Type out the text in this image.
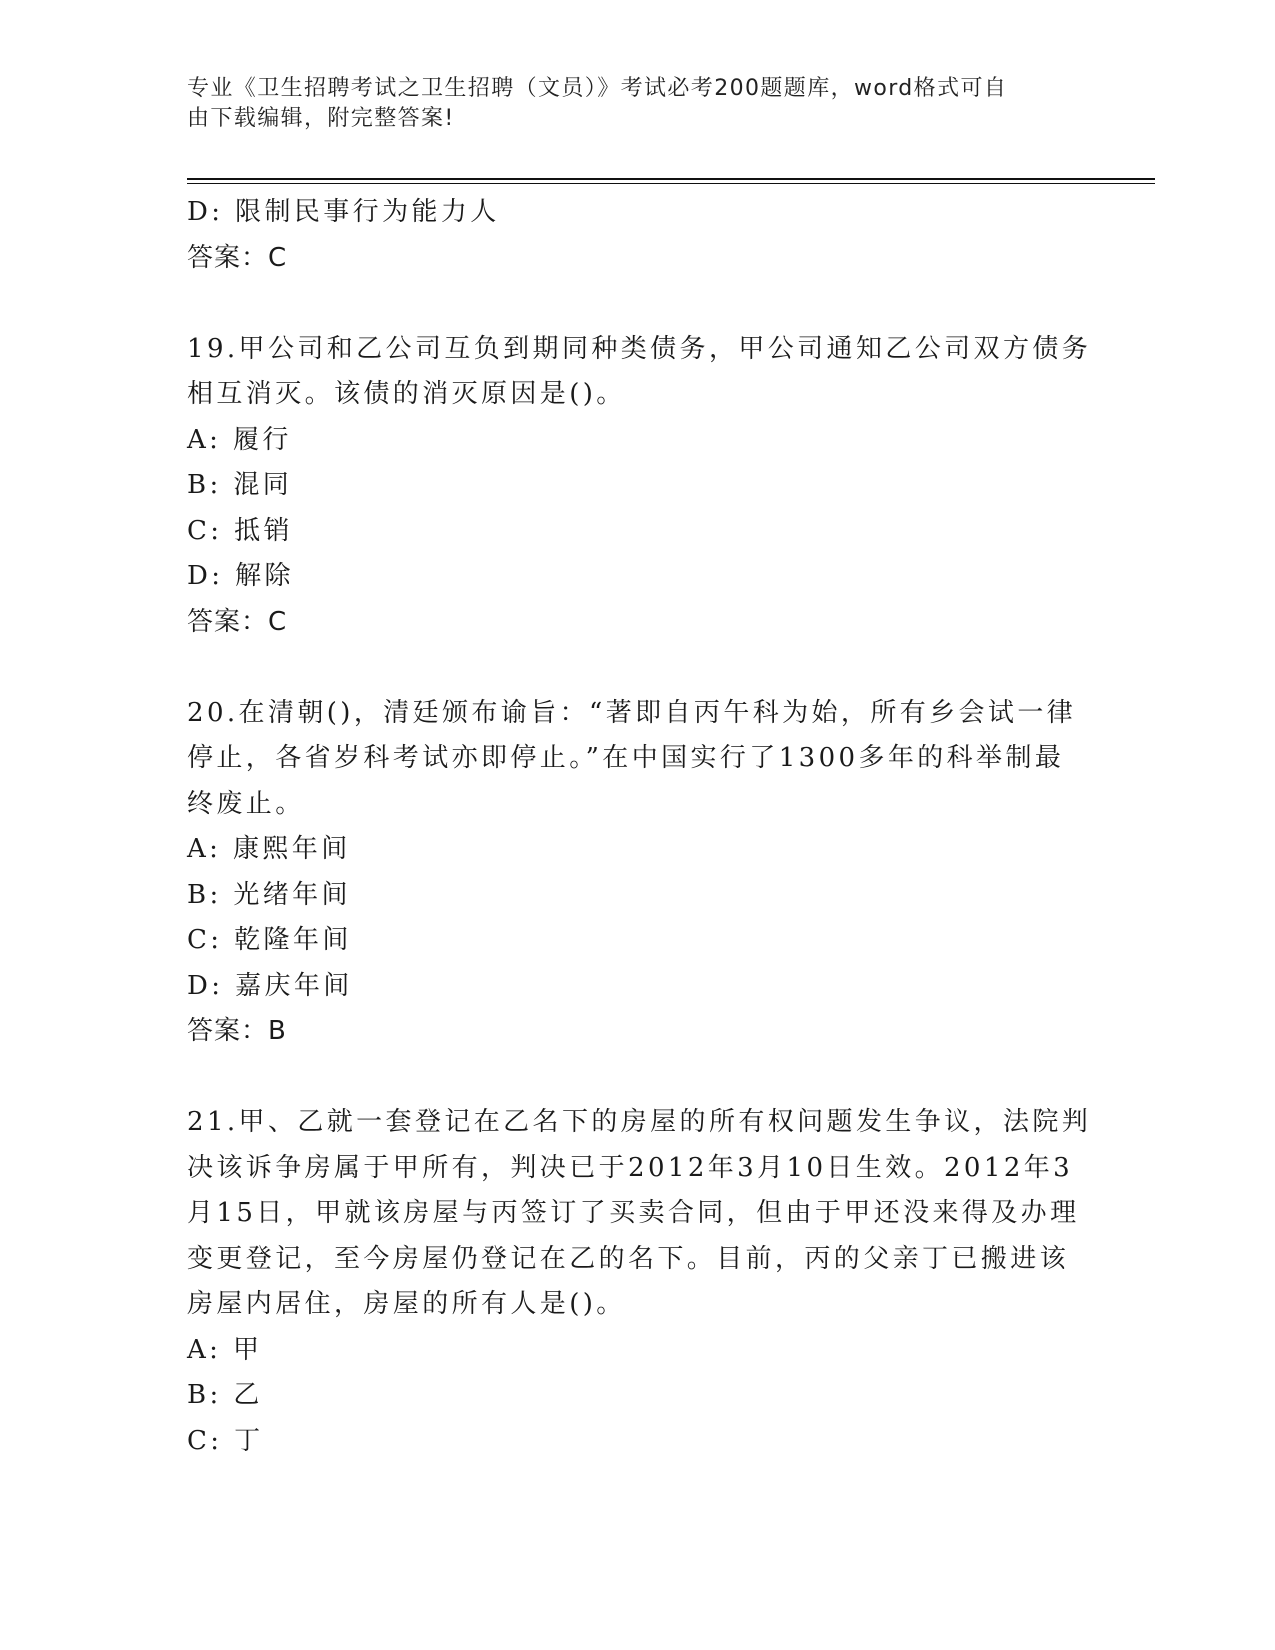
专业《卫生招聘考试之卫生招聘（文员）》考试必考200题题库，word格式可自
由下载编辑，附完整答案!
D: 限制民事行为能力人
答案：C
19.甲公司和乙公司互负到期同种类债务，甲公司通知乙公司双方债务
相互消灭。该债的消灭原因是()。
A: 履行
B: 混同
C: 抵销
D: 解除
答案：C
20.在清朝()，清廷颁布谕旨：“著即自丙午科为始，所有乡会试一律
停止，各省岁科考试亦即停止。”在中国实行了1300多年的科举制最
终废止。
A: 康熙年间
B: 光绪年间
C: 乾隆年间
D: 嘉庆年间
答案：B
21.甲、乙就一套登记在乙名下的房屋的所有权问题发生争议，法院判
决该诉争房属于甲所有，判决已于2012年3月10日生效。2012年3
月15日，甲就该房屋与丙签订了买卖合同，但由于甲还没来得及办理
变更登记，至今房屋仍登记在乙的名下。目前，丙的父亲丁已搬进该
房屋内居住，房屋的所有人是()。
A: 甲
B: 乙
C: 丁
